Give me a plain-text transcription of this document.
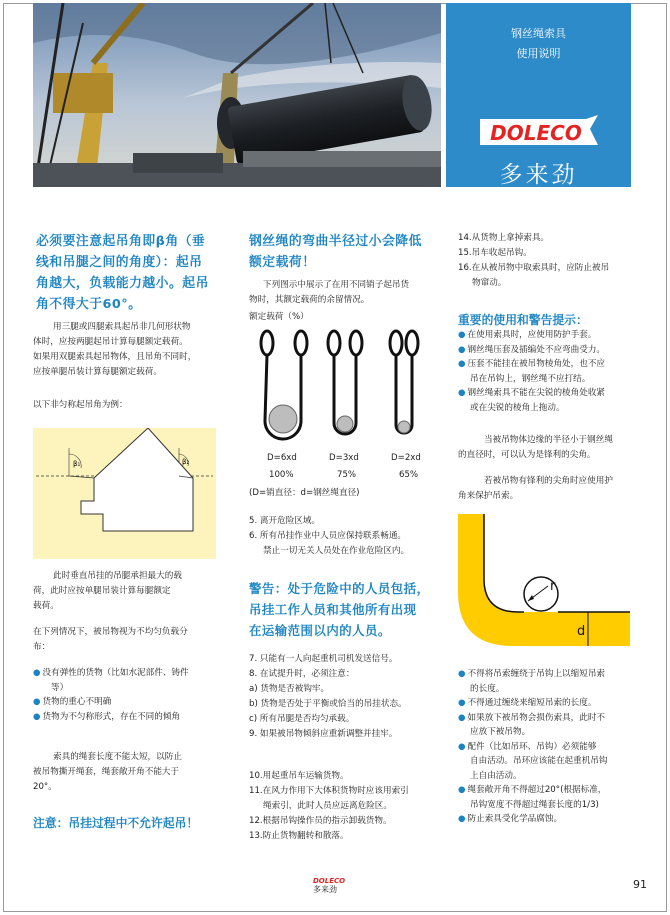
钢丝绳索具
使用说明
DOLECO
多来劲
必须要注意起吊角即β角（垂
线和吊腿之间的角度）：起吊
角越大，负载能力越小。起吊
角不得大于60°。
用三腿或四腿索具起吊非几何形状物
体时，应按两腿起吊计算每腿额定载荷。
如果用双腿索具起吊物体，且吊角不同时，
应按单腿吊装计算每腿额定载荷。
以下非匀称起吊角为例：
β₁	β₂
此时垂直吊挂的吊腿承担最大的载
荷，此时应按单腿吊装计算每腿额定
载荷。
在下列情况下，被吊物视为不均匀负载分
布：
● 没有弹性的货物（比如水泥部件、铸件
等）
● 货物的重心不明确
● 货物为不匀称形式，存在不同的倾角
索具的绳套长度不能太短，以防止
被吊物撕开绳套，绳套敞开角不能大于
20°。
注意：吊挂过程中不允许起吊！
钢丝绳的弯曲半径过小会降低
额定载荷！
下列图示中展示了在用不同销子起吊货
物时，其额定载荷的余留情况。
额定载荷（%）
D=6xd	D=3xd	D=2xd
100%	75%	65%
(D=销直径：d=钢丝绳直径)
5. 离开危险区域。
6. 所有吊挂作业中人员应保持联系畅通。
禁止一切无关人员处在作业危险区内。
警告：处于危险中的人员包括，
吊挂工作人员和其他所有出现
在运输范围以内的人员。
7. 只能有一人向起重机司机发送信号。
8. 在试提升时，必须注意：
a) 货物是否被钩牢。
b) 货物是否处于平衡或恰当的吊挂状态。
c) 所有吊腿是否均匀承载。
9. 如果被吊物倾斜应重新调整并挂牢。
10.用起重吊车运输货物。
11.在风力作用下大体积货物时应该用索引
绳索引，此时人员应远离危险区。
12.根据吊钩操作员的指示卸载货物。
13.防止货物翻转和散落。
14.从货物上拿掉索具。
15.吊车收起吊钩。
16.在从被吊物中取索具时，应防止被吊
物窜动。
重要的使用和警告提示：
● 在使用索具时，应使用防护手套。
● 钢丝绳压套及插编处不应弯曲受力。
● 压套不能挂在被吊物棱角处，也不应
吊在吊钩上，钢丝绳不应打结。
● 钢丝绳索具不能在尖锐的棱角处收紧
或在尖锐的棱角上拖动。
当被吊物体边缘的半径小于钢丝绳
的直径时，可以认为是锋利的尖角。
若被吊物有锋利的尖角时应使用护
角来保护吊索。
r
d
● 不得将吊索缠绕于吊钩上以缩短吊索
的长度。
● 不得通过缠绕来缩短吊索的长度。
● 如果放下被吊物会损伤索具，此时不
应放下被吊物。
● 配件（比如吊环、吊钩）必须能够
自由活动。吊环应该能在起重机吊钩
上自由活动。
● 绳套敞开角不得超过20°(根据标准，
吊钩宽度不得超过绳套长度的1/3)
● 防止索具受化学品腐蚀。
DOLECO
多来劲	91
